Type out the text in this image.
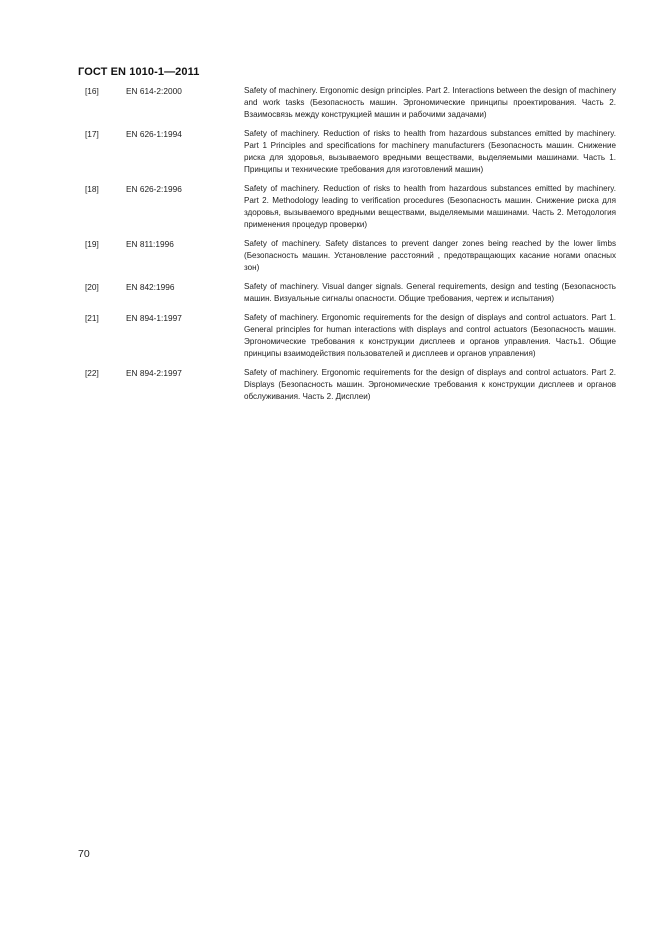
ГОСТ EN 1010-1—2011
[16]	EN 614-2:2000	Safety of machinery. Ergonomic design principles. Part 2. Interactions between the design of machinery and work tasks (Безопасность машин. Эргономические принципы проектирования. Часть 2. Взаимосвязь между конструкцией машин и рабочими задачами)
[17]	EN 626-1:1994	Safety of machinery. Reduction of risks to health from hazardous substances emitted by machinery. Part 1 Principles and specifications for machinery manufacturers (Безопасность машин. Снижение риска для здоровья, вызываемого вредными веществами, выделяемыми машинами. Часть 1. Принципы и технические требования для изготовлений машин)
[18]	EN 626-2:1996	Safety of machinery. Reduction of risks to health from hazardous substances emitted by machinery. Part 2. Methodology leading to verification procedures (Безопасность машин. Снижение риска для здоровья, вызываемого вредными веществами, выделяемыми машинами. Часть 2. Методология применения процедур проверки)
[19]	EN 811:1996	Safety of machinery. Safety distances to prevent danger zones being reached by the lower limbs (Безопасность машин. Установление расстояний , предотвращающих касание ногами опасных зон)
[20]	EN 842:1996	Safety of machinery. Visual danger signals. General requirements, design and testing (Безопасность машин. Визуальные сигналы опасности. Общие требования, чертеж и испытания)
[21]	EN 894-1:1997	Safety of machinery. Ergonomic requirements for the design of displays and control actuators. Part 1. General principles for human interactions with displays and control actuators (Безопасность машин. Эргономические требования к конструкции дисплеев и органов управления. Часть1. Общие принципы взаимодействия пользователей и дисплеев и органов управления)
[22]	EN 894-2:1997	Safety of machinery. Ergonomic requirements for the design of displays and control actuators. Part 2. Displays (Безопасность машин. Эргономические требования к конструкции дисплеев и органов обслуживания. Часть 2. Дисплеи)
70
